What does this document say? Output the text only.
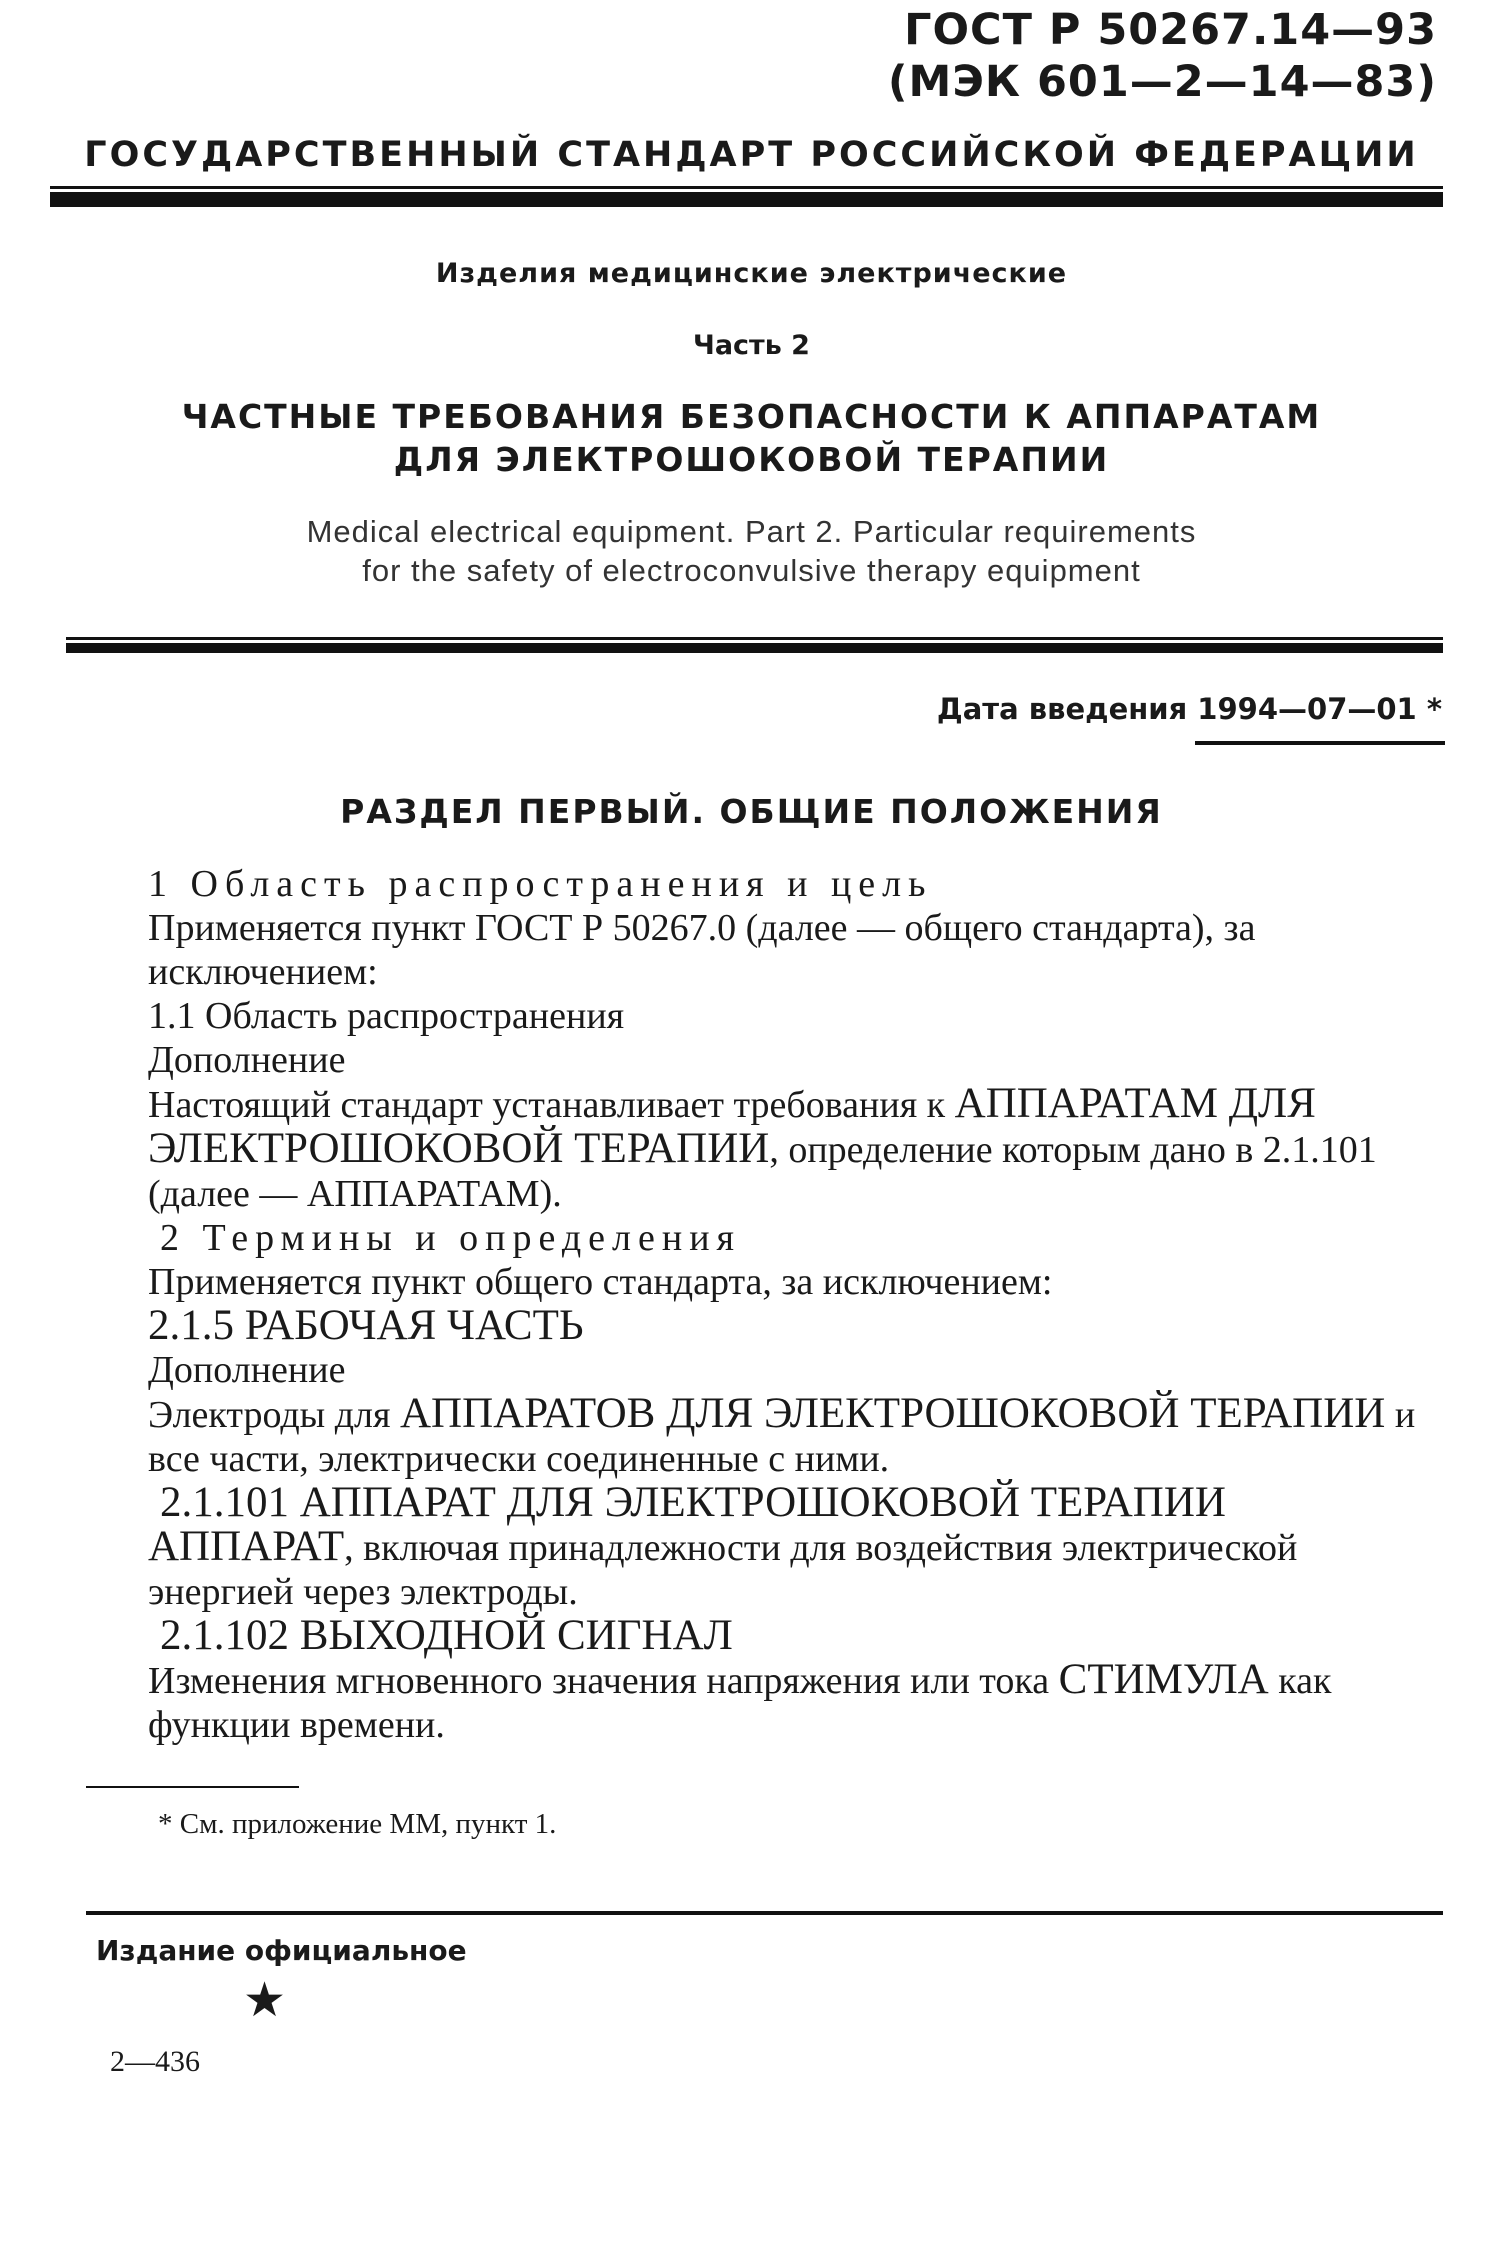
ГОСТ Р 50267.14—93
(МЭК 601—2—14—83)
ГОСУДАРСТВЕННЫЙ СТАНДАРТ РОССИЙСКОЙ ФЕДЕРАЦИИ
Изделия медицинские электрические
Часть 2
ЧАСТНЫЕ ТРЕБОВАНИЯ БЕЗОПАСНОСТИ К АППАРАТАМ
ДЛЯ ЭЛЕКТРОШОКОВОЙ ТЕРАПИИ
Medical electrical equipment. Part 2. Particular requirements
for the safety of electroconvulsive therapy equipment
Дата введения 1994—07—01 *
РАЗДЕЛ ПЕРВЫЙ. ОБЩИЕ ПОЛОЖЕНИЯ

1 Область распространения и цель

Применяется пункт ГОСТ Р 50267.0 (далее — общего стандарта), за исключением:

1.1 Область распространения

Дополнение

Настоящий стандарт устанавливает требования к АППАРАТАМ ДЛЯ ЭЛЕКТРОШОКОВОЙ ТЕРАПИИ, определение которым дано в 2.1.101 (далее — АППАРАТАМ).

2 Термины и определения

Применяется пункт общего стандарта, за исключением:

2.1.5 РАБОЧАЯ ЧАСТЬ

Дополнение

Электроды для АППАРАТОВ ДЛЯ ЭЛЕКТРОШОКОВОЙ ТЕРАПИИ и все части, электрически соединенные с ними.

2.1.101 АППАРАТ ДЛЯ ЭЛЕКТРОШОКОВОЙ ТЕРАПИИ

АППАРАТ, включая принадлежности для воздействия электрической энергией через электроды.

2.1.102 ВЫХОДНОЙ СИГНАЛ

Изменения мгновенного значения напряжения или тока СТИМУЛА как функции времени.

* См. приложение ММ, пункт 1.
Издание официальное
★
2—436
